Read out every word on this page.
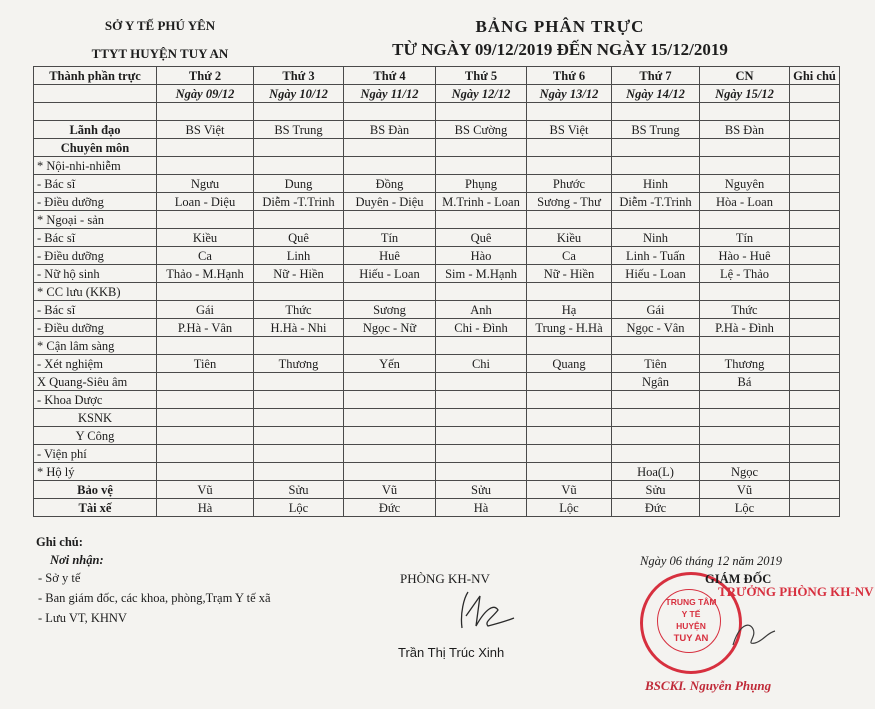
SỞ Y TẾ PHÚ YÊN
TTYT HUYỆN TUY AN
BẢNG PHÂN TRỰC
TỪ NGÀY 09/12/2019 ĐẾN NGÀY 15/12/2019
Thành phần trực	Thứ 2	Thứ 3	Thứ 4	Thứ 5	Thứ 6	Thứ 7	CN	Ghi chú
	Ngày 09/12	Ngày 10/12	Ngày 11/12	Ngày 12/12	Ngày 13/12	Ngày 14/12	Ngày 15/12	

Lãnh đạo	BS Việt	BS Trung	BS Đàn	BS Cường	BS Việt	BS Trung	BS Đàn	
Chuyên môn								
* Nội-nhi-nhiễm								
- Bác sĩ	Ngưu	Dung	Đồng	Phụng	Phước	Hinh	Nguyên	
- Điều dưỡng	Loan - Diệu	Diễm -T.Trinh	Duyên - Diệu	M.Trinh - Loan	Sương - Thư	Diễm -T.Trinh	Hòa - Loan	
* Ngoại - sản								
- Bác sĩ	Kiều	Quê	Tín	Quê	Kiều	Ninh	Tín	
- Điều dưỡng	Ca	Linh	Huê	Hào	Ca	Linh - Tuấn	Hào - Huê	
- Nữ hộ sinh	Thảo - M.Hạnh	Nữ - Hiền	Hiếu - Loan	Sim - M.Hạnh	Nữ - Hiền	Hiếu - Loan	Lệ - Thảo	
* CC lưu (KKB)								
- Bác sĩ	Gái	Thức	Sương	Anh	Hạ	Gái	Thức	
- Điều dưỡng	P.Hà - Vân	H.Hà - Nhi	Ngọc - Nữ	Chi - Đình	Trung - H.Hà	Ngọc - Vân	P.Hà - Đình	
* Cận lâm sàng								
- Xét nghiệm	Tiên	Thương	Yến	Chi	Quang	Tiên	Thương	
X Quang-Siêu âm						Ngân	Bá	
- Khoa Dược								
KSNK								
Y Công								
- Viện phí								
* Hộ lý						Hoa(L)	Ngọc	
Bảo vệ	Vũ	Sửu	Vũ	Sửu	Vũ	Sửu	Vũ	
Tài xế	Hà	Lộc	Đức	Hà	Lộc	Đức	Lộc	
Ghi chú:
Nơi nhận:
- Sở y tế
- Ban giám đốc, các khoa, phòng,Trạm Y tế xã
- Lưu VT, KHNV
PHÒNG KH-NV
Trần Thị Trúc Xinh
Ngày 06 tháng 12 năm 2019
TRUNG TÂM
Y TẾ
HUYỆN
TUY AN
GIÁM ĐỐC
TRƯỞNG PHÒNG KH-NV
BSCKI. Nguyễn Phụng
